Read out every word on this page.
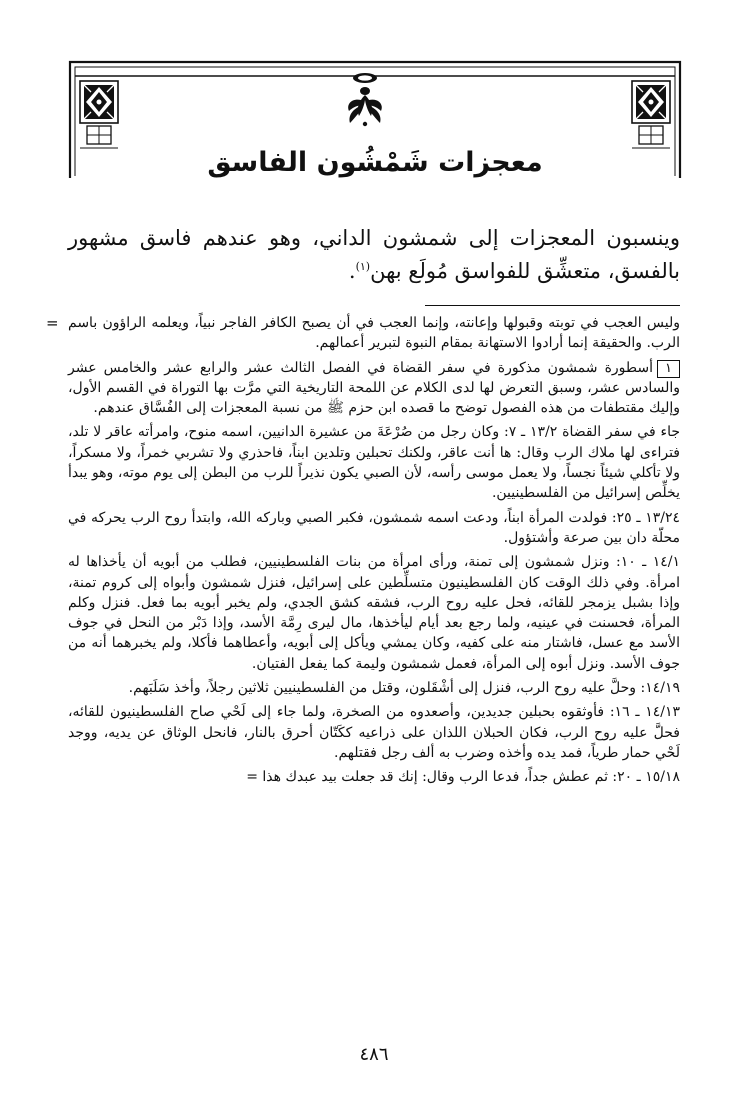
معجزات شَمْشُون الفاسق

وينسبون المعجزات إلى شمشون الداني، وهو عندهم فاسق مشهور بالفسق، متعشِّق للفواسق مُولَع بهن$^{(١)}$.

= وليس العجب في توبته وقبولها وإعانته، وإنما العجب في أن يصبح الكافر الفاجر نبياً، ويعلمه الراؤون باسم الرب. والحقيقة إنما أرادوا الاستهانة بمقام النبوة لتبرير أعمالهم.

١أسطورة شمشون مذكورة في سفر القضاة في الفصل الثالث عشر والرابع عشر والخامس عشر والسادس عشر، وسبق التعرض لها لدى الكلام عن اللمحة التاريخية التي مرَّت بها التوراة في القسم الأول، وإليك مقتطفات من هذه الفصول توضح ما قصده ابن حزم ﷺ من نسبة المعجزات إلى الفُسَّاق عندهم.

جاء في سفر القضاة ١٣/٢ ـ ٧: وكان رجل من صُرْعَةَ من عشيرة الدانيين، اسمه منوح، وامرأته عاقر لا تلد، فتراءى لها ملاك الرب وقال: ها أنت عاقر، ولكنك تحبلين وتلدين ابناً، فاحذري ولا تشربي خمراً، ولا مسكراً، ولا تأكلي شيئاً نجساً، ولا يعمل موسى رأسه، لأن الصبي يكون نذيراً للرب من البطن إلى يوم موته، وهو يبدأ يخلِّص إسرائيل من الفلسطينيين.

١٣/٢٤ ـ ٢٥: فولدت المرأة ابناً، ودعت اسمه شمشون، فكبر الصبي وباركه الله، وابتدأ روح الرب يحركه في محلّة دان بين صرعة وأشتؤول.

١٤/١ ـ ١٠: ونزل شمشون إلى تمنة، ورأى امرأة من بنات الفلسطينيين، فطلب من أبويه أن يأخذاها له امرأة. وفي ذلك الوقت كان الفلسطينيون متسلِّطين على إسرائيل، فنزل شمشون وأبواه إلى كروم تمنة، وإذا بشبل يزمجر للقائه، فحل عليه روح الرب، فشقه كشق الجدي، ولم يخبر أبويه بما فعل. فنزل وكلم المرأة، فحسنت في عينيه، ولما رجع بعد أيام ليأخذها، مال ليرى رِمَّة الأسد، وإذا دَبْر من النحل في جوف الأسد مع عسل، فاشتار منه على كفيه، وكان يمشي ويأكل إلى أبويه، وأعطاهما فأكلا، ولم يخبرهما أنه من جوف الأسد. ونزل أبوه إلى المرأة، فعمل شمشون وليمة كما يفعل الفتيان.

١٤/١٩: وحلَّ عليه روح الرب، فنزل إلى أشْقَلون، وقتل من الفلسطينيين ثلاثين رجلاً، وأخذ سَلَبَهم.

١٤/١٣ ـ ١٦: فأوثقوه بحبلين جديدين، وأصعدوه من الصخرة، ولما جاء إلى لَحْي صاح الفلسطينيون للقائه، فحلَّ عليه روح الرب، فكان الحبلان اللذان على ذراعيه ككَتّان أحرق بالنار، فانحل الوثاق عن يديه، ووجد لَحْي حمار طرياً، فمد يده وأخذه وضرب به ألف رجل فقتلهم.

١٥/١٨ ـ ٢٠: ثم عطش جداً، فدعا الرب وقال: إنك قد جعلت بيد عبدك هذا =

٤٨٦
